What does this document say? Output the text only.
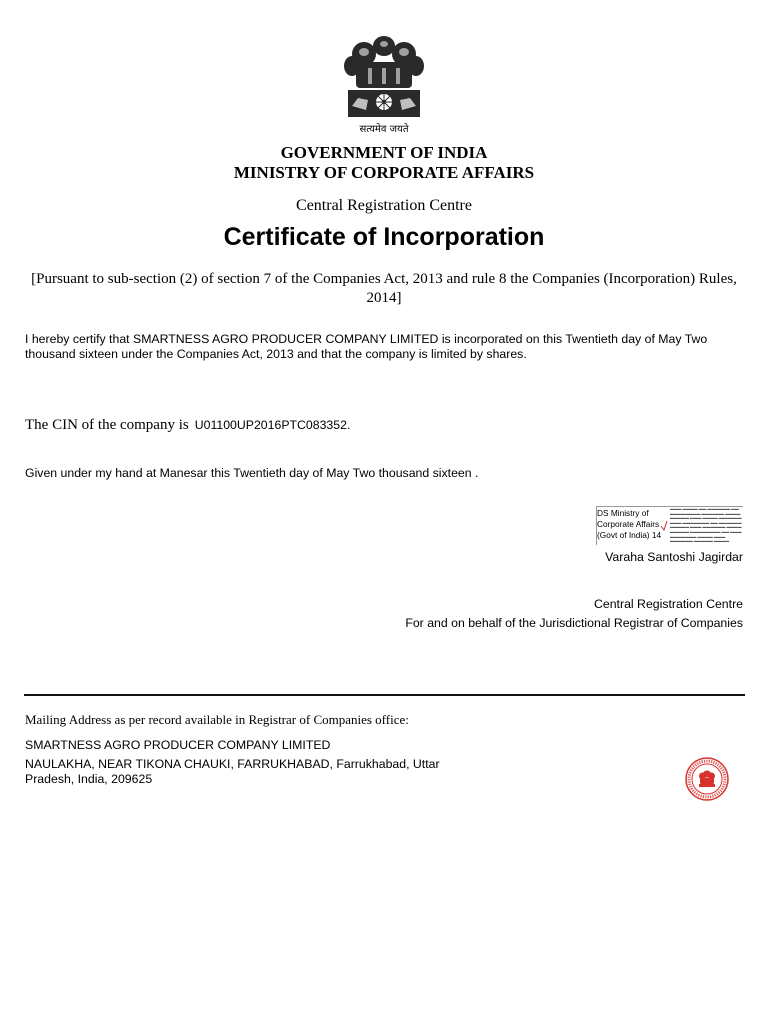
सत्यमेव जयते
GOVERNMENT OF INDIA
MINISTRY OF CORPORATE AFFAIRS
Central Registration Centre
Certificate of Incorporation
[Pursuant to sub-section (2) of section 7 of the Companies Act, 2013 and rule 8 the Companies (Incorporation) Rules, 2014]
I hereby certify that SMARTNESS AGRO PRODUCER COMPANY LIMITED is incorporated on this Twentieth day of May Two thousand sixteen under the Companies Act, 2013 and that the company is limited by shares.
The CIN of the company is U01100UP2016PTC083352.
Given under my hand at Manesar this Twentieth day of May Two thousand sixteen .
DS Ministry of Corporate Affairs (Govt of India) 14
▬▬▬ ▬▬▬▬ ▬▬ ▬▬▬▬▬▬ ▬▬ ▬▬▬▬▬▬▬▬ ▬▬▬▬▬▬ ▬▬▬▬ ▬▬▬▬▬ ▬▬▬ ▬▬▬▬ ▬▬▬▬▬▬ ▬▬▬ ▬▬▬▬▬▬▬ ▬▬ ▬▬▬▬▬▬ ▬▬▬▬▬ ▬▬▬ ▬▬▬▬▬▬ ▬▬▬▬ ▬▬▬▬▬ ▬▬▬▬▬▬▬▬ ▬▬ ▬▬▬ ▬▬▬▬▬▬▬ ▬▬▬▬ ▬▬▬ ▬▬▬▬▬▬ ▬▬▬▬▬ ▬▬▬▬
Varaha Santoshi Jagirdar
Central Registration Centre
For and on behalf of the Jurisdictional Registrar of Companies
Mailing Address as per record available in Registrar of Companies office:
SMARTNESS AGRO PRODUCER COMPANY LIMITED
NAULAKHA, NEAR TIKONA CHAUKI, FARRUKHABAD, Farrukhabad, Uttar Pradesh, India, 209625
